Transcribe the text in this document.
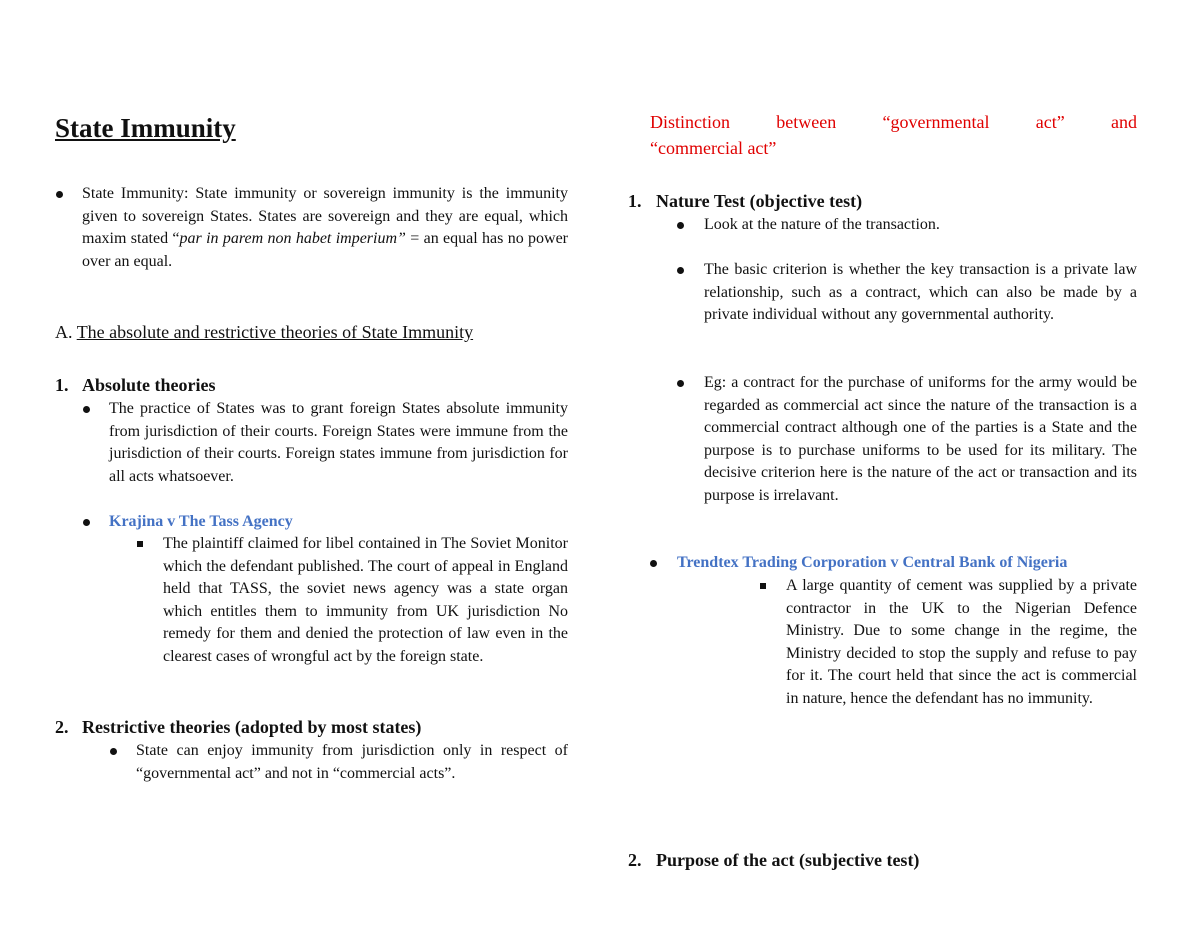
State Immunity

State Immunity: State immunity or sovereign immunity is the immunity given to sovereign States. States are sovereign and they are equal, which maxim stated “par in parem non habet imperium” = an equal has no power over an equal.

A. The absolute and restrictive theories of State Immunity
1. Absolute theories

The practice of States was to grant foreign States absolute immunity from jurisdiction of their courts. Foreign States were immune from the jurisdiction of their courts. Foreign states immune from jurisdiction for all acts whatsoever.

Krajina v The Tass Agency

The plaintiff claimed for libel contained in The Soviet Monitor which the defendant published. The court of appeal in England held that TASS, the soviet news agency was a state organ which entitles them to immunity from UK jurisdiction No remedy for them and denied the protection of law even in the clearest cases of wrongful act by the foreign state.

2. Restrictive theories (adopted by most states)

State can enjoy immunity from jurisdiction only in respect of “governmental act” and not in “commercial acts”.

Distinction	between	“governmental	act”	and
“commercial act”
1. Nature Test (objective test)

Look at the nature of the transaction.

The basic criterion is whether the key transaction is a private law relationship, such as a contract, which can also be made by a private individual without any governmental authority.

Eg: a contract for the purchase of uniforms for the army would be regarded as commercial act since the nature of the transaction is a commercial contract although one of the parties is a State and the purpose is to purchase uniforms to be used for its military. The decisive criterion here is the nature of the act or transaction and its purpose is irrelavant.

Trendtex Trading Corporation v Central Bank of Nigeria

A large quantity of cement was supplied by a private contractor in the UK to the Nigerian Defence Ministry. Due to some change in the regime, the Ministry decided to stop the supply and refuse to pay for it. The court held that since the act is commercial in nature, hence the defendant has no immunity.

2. Purpose of the act (subjective test)
